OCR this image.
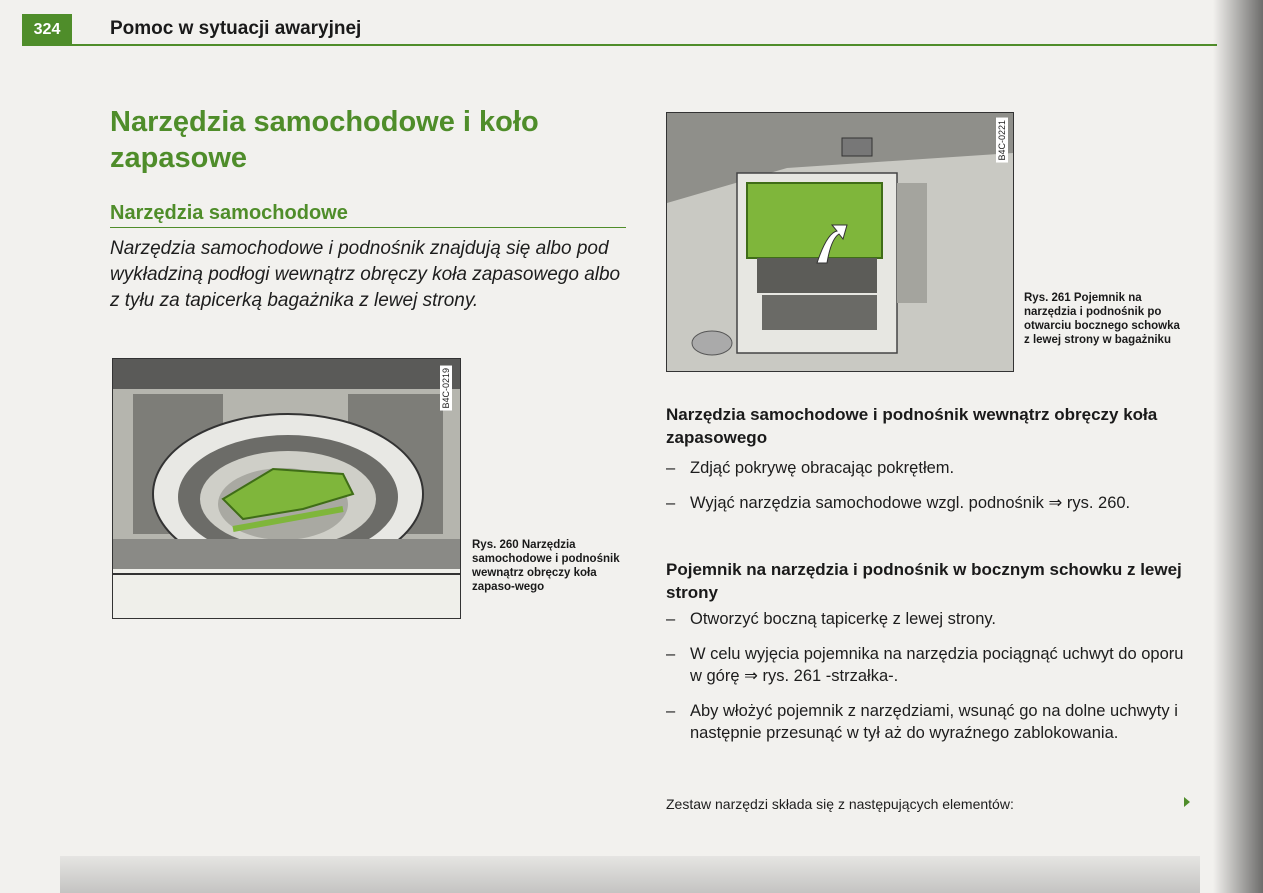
324	Pomoc w sytuacji awaryjnej
Narzędzia samochodowe i koło zapasowe
Narzędzia samochodowe
Narzędzia samochodowe i podnośnik znajdują się albo pod wykładziną podłogi wewnątrz obręczy koła zapasowego albo z tyłu za tapicerką bagażnika z lewej strony.
B4C-0219
Rys. 260 Narzędzia samochodowe i podnośnik wewnątrz obręczy koła zapaso-wego
B4C-0221
Rys. 261 Pojemnik na narzędzia i podnośnik po otwarciu bocznego schowka z lewej strony w bagażniku
Narzędzia samochodowe i podnośnik wewnątrz obręczy koła zapasowego
– Zdjąć pokrywę obracając pokrętłem.
– Wyjąć narzędzia samochodowe wzgl. podnośnik ⇒ rys. 260.
Pojemnik na narzędzia i podnośnik w bocznym schowku z lewej strony
– Otworzyć boczną tapicerkę z lewej strony.
– W celu wyjęcia pojemnika na narzędzia pociągnąć uchwyt do oporu w górę ⇒ rys. 261 -strzałka-.
– Aby włożyć pojemnik z narzędziami, wsunąć go na dolne uchwyty i następnie przesunąć w tył aż do wyraźnego zablokowania.
Zestaw narzędzi składa się z następujących elementów:
